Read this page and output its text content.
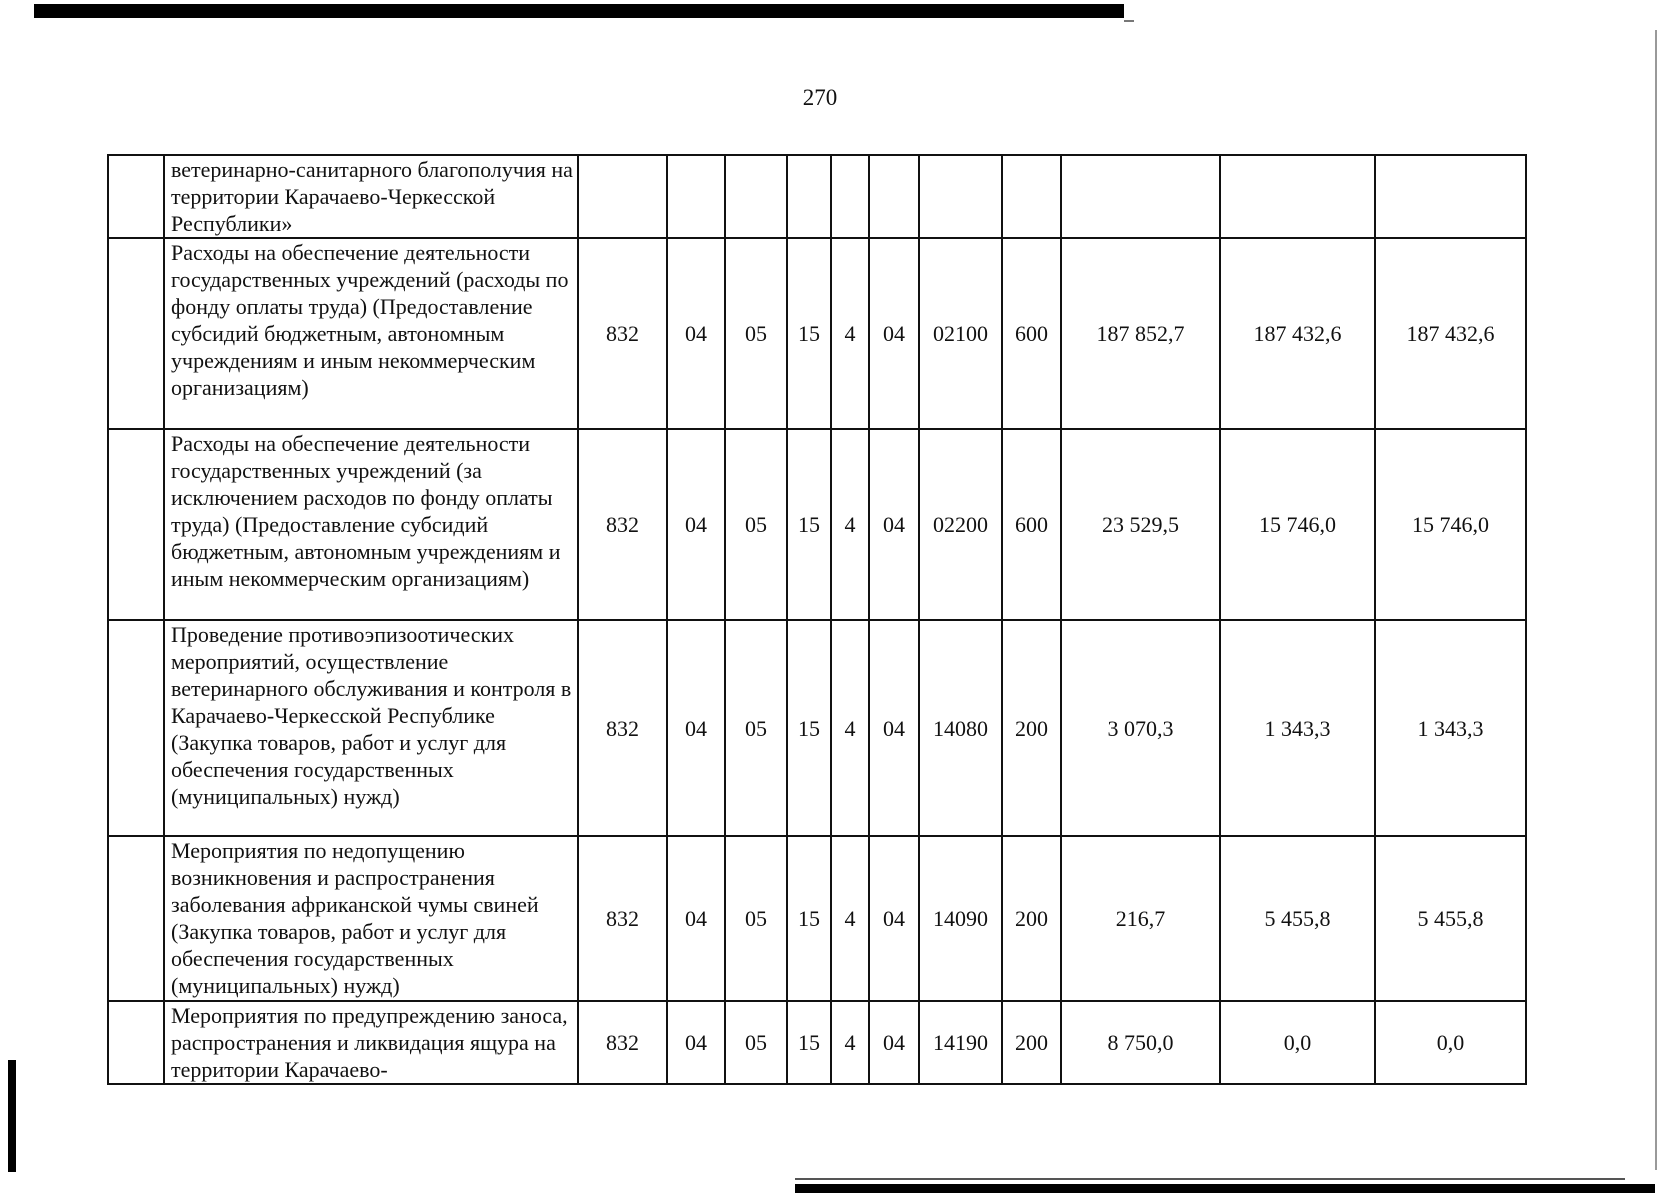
270
	ветеринарно-санитарного благополучия на территории Карачаево-Черкесской Республики»											
	Расходы на обеспечение деятельности государственных учреждений (расходы по фонду оплаты труда) (Предоставление субсидий бюджетным, автономным учреждениям и иным некоммерческим организациям)	832	04	05	15	4	04	02100	600	187 852,7	187 432,6	187 432,6
	Расходы на обеспечение деятельности государственных учреждений (за исключением расходов по фонду оплаты труда) (Предоставление субсидий бюджетным, автономным учреждениям и иным некоммерческим организациям)	832	04	05	15	4	04	02200	600	23 529,5	15 746,0	15 746,0
	Проведение противоэпизоотических мероприятий, осуществление ветеринарного обслуживания и контроля в Карачаево-Черкесской Республике (Закупка товаров, работ и услуг для обеспечения государственных (муниципальных) нужд)	832	04	05	15	4	04	14080	200	3 070,3	1 343,3	1 343,3
	Мероприятия по недопущению возникновения и распространения заболевания африканской чумы свиней (Закупка товаров, работ и услуг для обеспечения государственных (муниципальных) нужд)	832	04	05	15	4	04	14090	200	216,7	5 455,8	5 455,8
	Мероприятия по предупреждению заноса, распространения и ликвидация ящура на территории Карачаево-	832	04	05	15	4	04	14190	200	8 750,0	0,0	0,0
